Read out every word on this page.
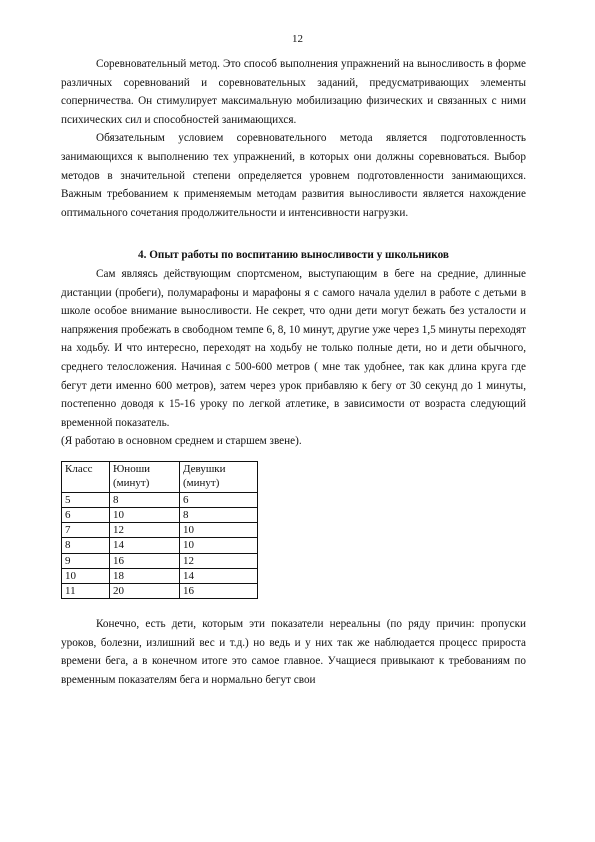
12

Соревновательный метод. Это способ выполнения упражнений на выносливость в форме различных соревнований и соревновательных заданий, предусматривающих элементы соперничества. Он стимулирует максимальную мобилизацию физических и связанных с ними психических сил и способностей занимающихся.

Обязательным условием соревновательного метода является подготовленность занимающихся к выполнению тех упражнений, в которых они должны соревноваться. Выбор методов в значительной степени определяется уровнем подготовленности занимающихся. Важным требованием к применяемым методам развития выносливости является нахождение оптимального сочетания продолжительности и интенсивности нагрузки.

4. Опыт работы по воспитанию выносливости у школьников

Сам являясь действующим спортсменом, выступающим в беге на средние, длинные дистанции (пробеги), полумарафоны и марафоны я с самого начала уделил в работе с детьми в школе особое внимание выносливости. Не секрет, что одни дети могут бежать без усталости и напряжения пробежать в свободном темпе 6, 8, 10 минут, другие уже через 1,5 минуты переходят на ходьбу. И что интересно, переходят на ходьбу не только полные дети, но и дети обычного, среднего телосложения. Начиная с 500-600 метров ( мне так удобнее, так как длина круга где бегут дети именно 600 метров), затем через урок прибавляю к бегу от 30 секунд до 1 минуты, постепенно доводя к 15-16 уроку по легкой атлетике, в зависимости от возраста следующий временной показатель.

(Я работаю в основном среднем и старшем звене).

Класс	Юноши (минут)	Девушки (минут)
5	8	6
6	10	8
7	12	10
8	14	10
9	16	12
10	18	14
11	20	16

Конечно, есть дети, которым эти показатели нереальны (по ряду причин: пропуски уроков, болезни, излишний вес и т.д.) но ведь и у них так же наблюдается процесс прироста времени бега, а в конечном итоге это самое главное. Учащиеся привыкают к требованиям по временным показателям бега и нормально бегут свои
